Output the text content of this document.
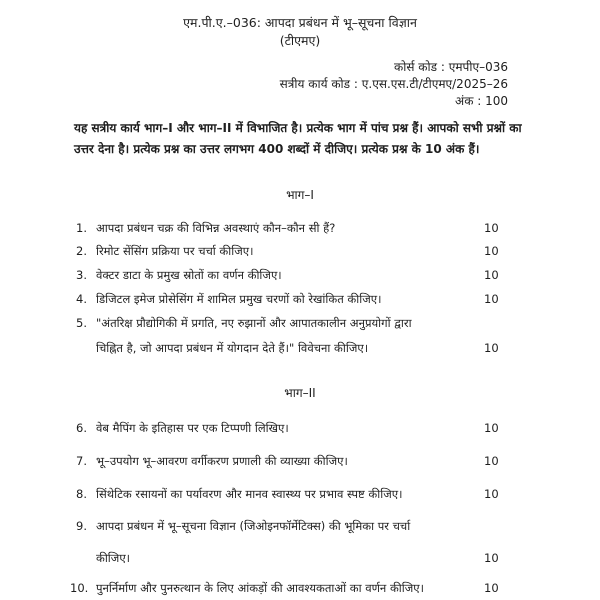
एम.पी.ए.–036: आपदा प्रबंधन में भू–सूचना विज्ञान
(टीएमए)
कोर्स कोड : एमपीए–036
सत्रीय कार्य कोड : ए.एस.एस.टी/टीएमए/2025–26
अंक : 100
यह सत्रीय कार्य भाग–I और भाग–II में विभाजित है। प्रत्येक भाग में पांच प्रश्न हैं। आपको सभी प्रश्नों का उत्तर देना है। प्रत्येक प्रश्न का उत्तर लगभग 400 शब्दों में दीजिए। प्रत्येक प्रश्न के 10 अंक हैं।
भाग–I
1. आपदा प्रबंधन चक्र की विभिन्न अवस्थाएं कौन–कौन सी हैं?	10
2. रिमोट सेंसिंग प्रक्रिया पर चर्चा कीजिए।	10
3. वेक्टर डाटा के प्रमुख स्रोतों का वर्णन कीजिए।	10
4. डिजिटल इमेज प्रोसेसिंग में शामिल प्रमुख चरणों को रेखांकित कीजिए।	10
5. "अंतरिक्ष प्रौद्योगिकी में प्रगति, नए रुझानों और आपातकालीन अनुप्रयोगों द्वारा
चिह्नित है, जो आपदा प्रबंधन में योगदान देते हैं।" विवेचना कीजिए।	10
भाग–II
6. वेब मैपिंग के इतिहास पर एक टिप्पणी लिखिए।	10
7. भू–उपयोग भू–आवरण वर्गीकरण प्रणाली की व्याख्या कीजिए।	10
8. सिंथेटिक रसायनों का पर्यावरण और मानव स्वास्थ्य पर प्रभाव स्पष्ट कीजिए।	10
9. आपदा प्रबंधन में भू–सूचना विज्ञान (जिओइनफॉर्मेटिक्स) की भूमिका पर चर्चा
कीजिए।	10
10. पुनर्निर्माण और पुनरुत्थान के लिए आंकड़ों की आवश्यकताओं का वर्णन कीजिए।	10
